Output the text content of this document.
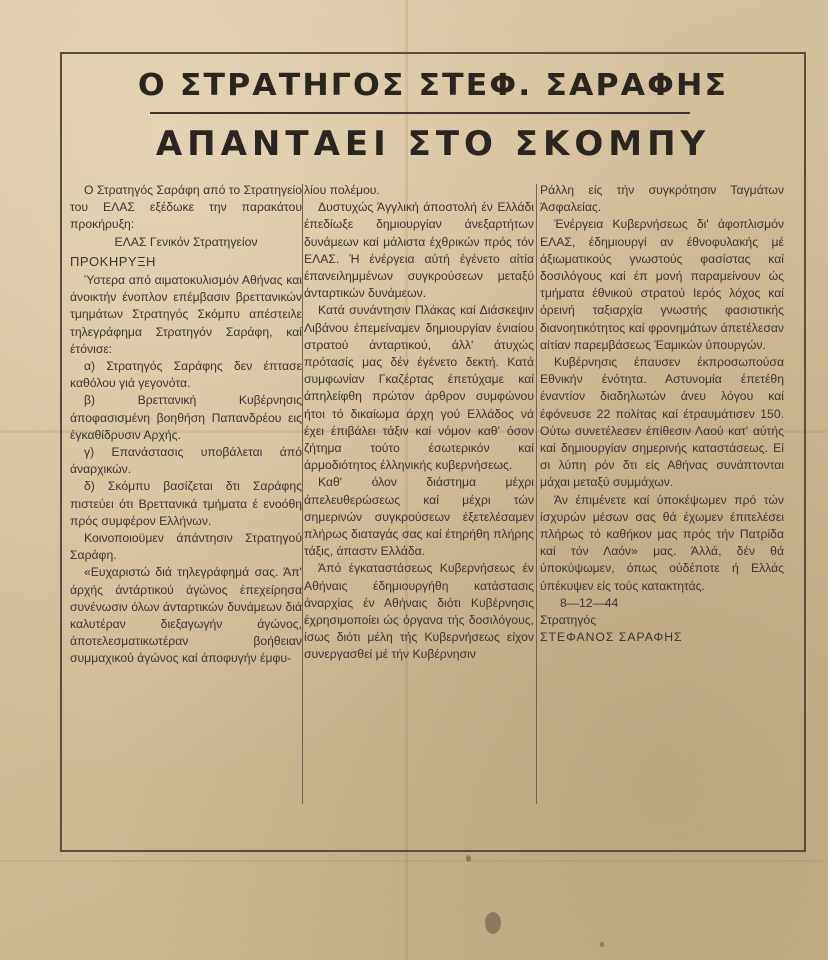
Ο ΣΤΡΑΤΗΓΟΣ ΣΤΕΦ. ΣΑΡΑΦΗΣ
ΑΠΑΝΤΑΕΙ ΣΤΟ ΣΚΟΜΠΥ

Ο Στρατηγός Σαράφη από το Στρατηγείο του ΕΛΑΣ εξέδωκε την παρακάτου προκήρυξη:

ΕΛΑΣ Γενικόν Στρατηγείον

ΠΡΟΚΗΡΥΞΗ

Ύστερα από αιματοκυλισμόν Αθήνας και άνοικτήν ένοπλον επέμβασιν βρεττανικών τμημάτων Στρατηγός Σκόμπυ απέστειλε τηλεγράφημα Στρατηγόν Σαράφη, καί έτόνισε:

α) Στρατηγός Σαράφης δεν έπτασε καθόλου γιά γεγονότα.

β) Βρεττανική Κυβέρνησις άποφασισμένη βοηθήση Παπανδρέου εις έγκαθίδρυσιν Αρχής.

γ) Επανάστασις υποβάλεται άπό άναρχικών.

δ) Σκόμπυ βασίζεται δτι Σαράφης πιστεύει ότι Βρεττανικά τμήματα έ ενοόθη πρός συμφέρον Ελλήνων.

Κοινοποιοϋμεν άπάντησιν Στρατηγού Σαράφη.

«Ευχαριστώ διά τηλεγράφημά σας. Άπ' άρχής άντάρτικού άγώνος έπεχείρησα συνένωσιν όλων άνταρτικών δυνάμεων διά καλυτέραν διεξαγωγήν άγώνος, άποτελεσματικωτέραν βοήθειαν συμμαχικού άγώνος καί άποφυγήν έμφυ-

λίου πολέμου.

Δυστυχώς Άγγλική άποστολή έν Ελλάδι έπεδίωξε δημιουργίαν άνεξαρτήτων δυνάμεων καί μάλιστα έχθρικών πρός τόν ΕΛΑΣ. Ή ένέργεια αύτή έγένετο αίτία έπανειλημμένων συγκρούσεων μεταξύ άνταρτικών δυνάμεων.

Κατά συνάντησιν Πλάκας καί Διάσκεψιν Λιβάνου έπεμείναμεν δημιουργίαν ένιαίου στρατού άνταρτικού, άλλ' άτυχώς πρότασίς μας δέν έγένετο δεκτή. Κατά συμφωνίαν Γκαζέρτας έπετύχαμε καί άπηλείφθη πρώτον άρθρον συμφώνου ήτοι τό δικαίωμα άρχη γού Ελλάδος νά έχει έπιβάλει τάξιν καί νόμον καθ' όσον ζήτημα τούτο έσωτερικόν καί άρμοδιότητος έλληνικής κυβερνήσεως.

Καθ' όλον διάστημα μέχρι άπελευθερώσεως καί μέχρι τών σημερινών συγκρούσεων έξετελέσαμεν πλήρως διαταγάς σας καί έτηρήθη πλήρης τάξις, άπαστν Ελλάδα.

Άπό έγκαταστάσεως Κυβερνήσεως έν Αθήναις έδημιουργήθη κατάστασις άναρχίας έν Αθήναις διότι Κυβέρνησις έχρησιμοποίει ώς όργανα τής δοσιλόγους, ίσως διότι μέλη τής Κυβερνήσεως είχον συνεργασθεί μέ τήν Κυβέρνησιν

Ράλλη είς τήν συγκρότησιν Ταγμάτων Άσφαλείας.

Ένέργεια Κυβερνήσεως δι' άφοπλισμόν ΕΛΑΣ, έδημιουργί αν έθνοφυλακής μέ άξιωματικούς γνωστούς φασίστας καί δοσιλόγους καί έπ μονή παραμείνουν ώς τμήματα έθνικού στρατού Ιερός λόχος καί όρεινή ταξιαρχία γνωστής φασιστικής διανοητικότητος καί φρονημάτων άπετέλεσαν αίτίαν παρεμβάσεως Έαμικών ύπουργών.

Κυβέρνησις έπαυσεν έκπροσωπούσα Εθνικήν ένότητα. Αστυνομία έπετέθη έναντίον διαδηλωτών άνευ λόγου καί έφόνευσε 22 πολίτας καί έτραυμάτισεν 150. Ούτω συνετέλεσεν έπίθεσιν Λαού κατ' αύτής καί δημιουργίαν σημερινής καταστάσεως. Εί σι λύπη ρόν δτι είς Αθήνας συνάπτονται μάχαι μεταξύ συμμάχων.

Άν έπιμένετε καί ύποκέψωμεν πρό τών ίσχυρών μέσων σας θά έχωμεν έπιτελέσει πλήρως τό καθήκον μας πρός τήν Πατρίδα καί τόν Λαόν» μας. Άλλά, δέν θά ύποκύψωμεν, όπως ούδέποτε ή Ελλάς ύπέκυψεν είς τούς κατακτητάς.

8—12—44

Στρατηγός

ΣΤΕΦΑΝΟΣ ΣΑΡΑΦΗΣ
